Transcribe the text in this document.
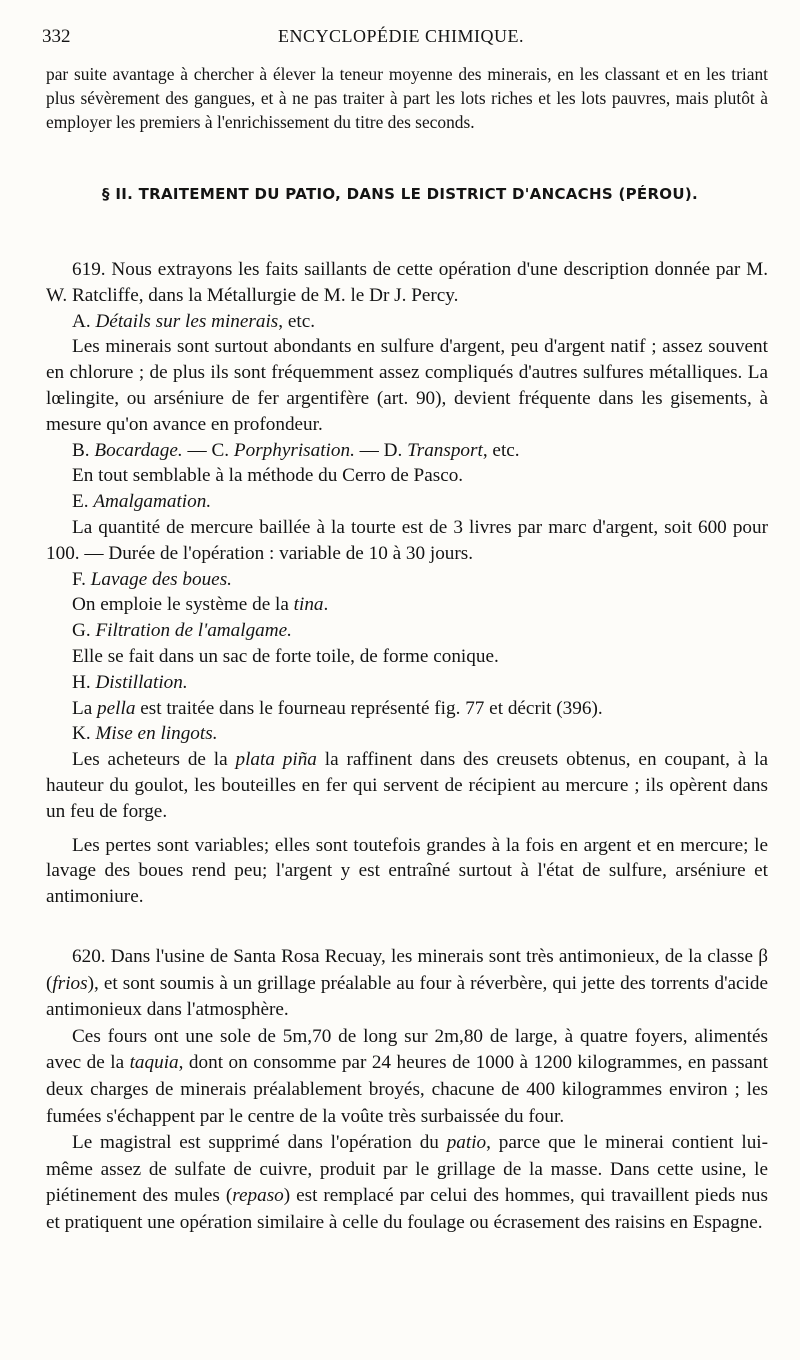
332	ENCYCLOPÉDIE CHIMIQUE.

par suite avantage à chercher à élever la teneur moyenne des minerais, en les classant et en les triant plus sévèrement des gangues, et à ne pas traiter à part les lots riches et les lots pauvres, mais plutôt à employer les premiers à l'enrichissement du titre des seconds.

§ II. TRAITEMENT DU PATIO, DANS LE DISTRICT D'ANCACHS (PÉROU).

619. Nous extrayons les faits saillants de cette opération d'une description donnée par M. W. Ratcliffe, dans la Métallurgie de M. le Dr J. Percy.

A. Détails sur les minerais, etc.

Les minerais sont surtout abondants en sulfure d'argent, peu d'argent natif ; assez souvent en chlorure ; de plus ils sont fréquemment assez compliqués d'autres sulfures métalliques. La lœlingite, ou arséniure de fer argentifère (art. 90), devient fréquente dans les gisements, à mesure qu'on avance en profondeur.

B. Bocardage. — C. Porphyrisation. — D. Transport, etc.

En tout semblable à la méthode du Cerro de Pasco.

E. Amalgamation.

La quantité de mercure baillée à la tourte est de 3 livres par marc d'argent, soit 600 pour 100. — Durée de l'opération : variable de 10 à 30 jours.

F. Lavage des boues.

On emploie le système de la tina.

G. Filtration de l'amalgame.

Elle se fait dans un sac de forte toile, de forme conique.

H. Distillation.

La pella est traitée dans le fourneau représenté fig. 77 et décrit (396).

K. Mise en lingots.

Les acheteurs de la plata piña la raffinent dans des creusets obtenus, en coupant, à la hauteur du goulot, les bouteilles en fer qui servent de récipient au mercure ; ils opèrent dans un feu de forge.

Les pertes sont variables; elles sont toutefois grandes à la fois en argent et en mercure; le lavage des boues rend peu; l'argent y est entraîné surtout à l'état de sulfure, arséniure et antimoniure.

620. Dans l'usine de Santa Rosa Recuay, les minerais sont très antimonieux, de la classe β (frios), et sont soumis à un grillage préalable au four à réverbère, qui jette des torrents d'acide antimonieux dans l'atmosphère.

Ces fours ont une sole de 5m,70 de long sur 2m,80 de large, à quatre foyers, alimentés avec de la taquia, dont on consomme par 24 heures de 1000 à 1200 kilogrammes, en passant deux charges de minerais préalablement broyés, chacune de 400 kilogrammes environ ; les fumées s'échappent par le centre de la voûte très surbaissée du four.

Le magistral est supprimé dans l'opération du patio, parce que le minerai contient lui-même assez de sulfate de cuivre, produit par le grillage de la masse. Dans cette usine, le piétinement des mules (repaso) est remplacé par celui des hommes, qui travaillent pieds nus et pratiquent une opération similaire à celle du foulage ou écrasement des raisins en Espagne.
